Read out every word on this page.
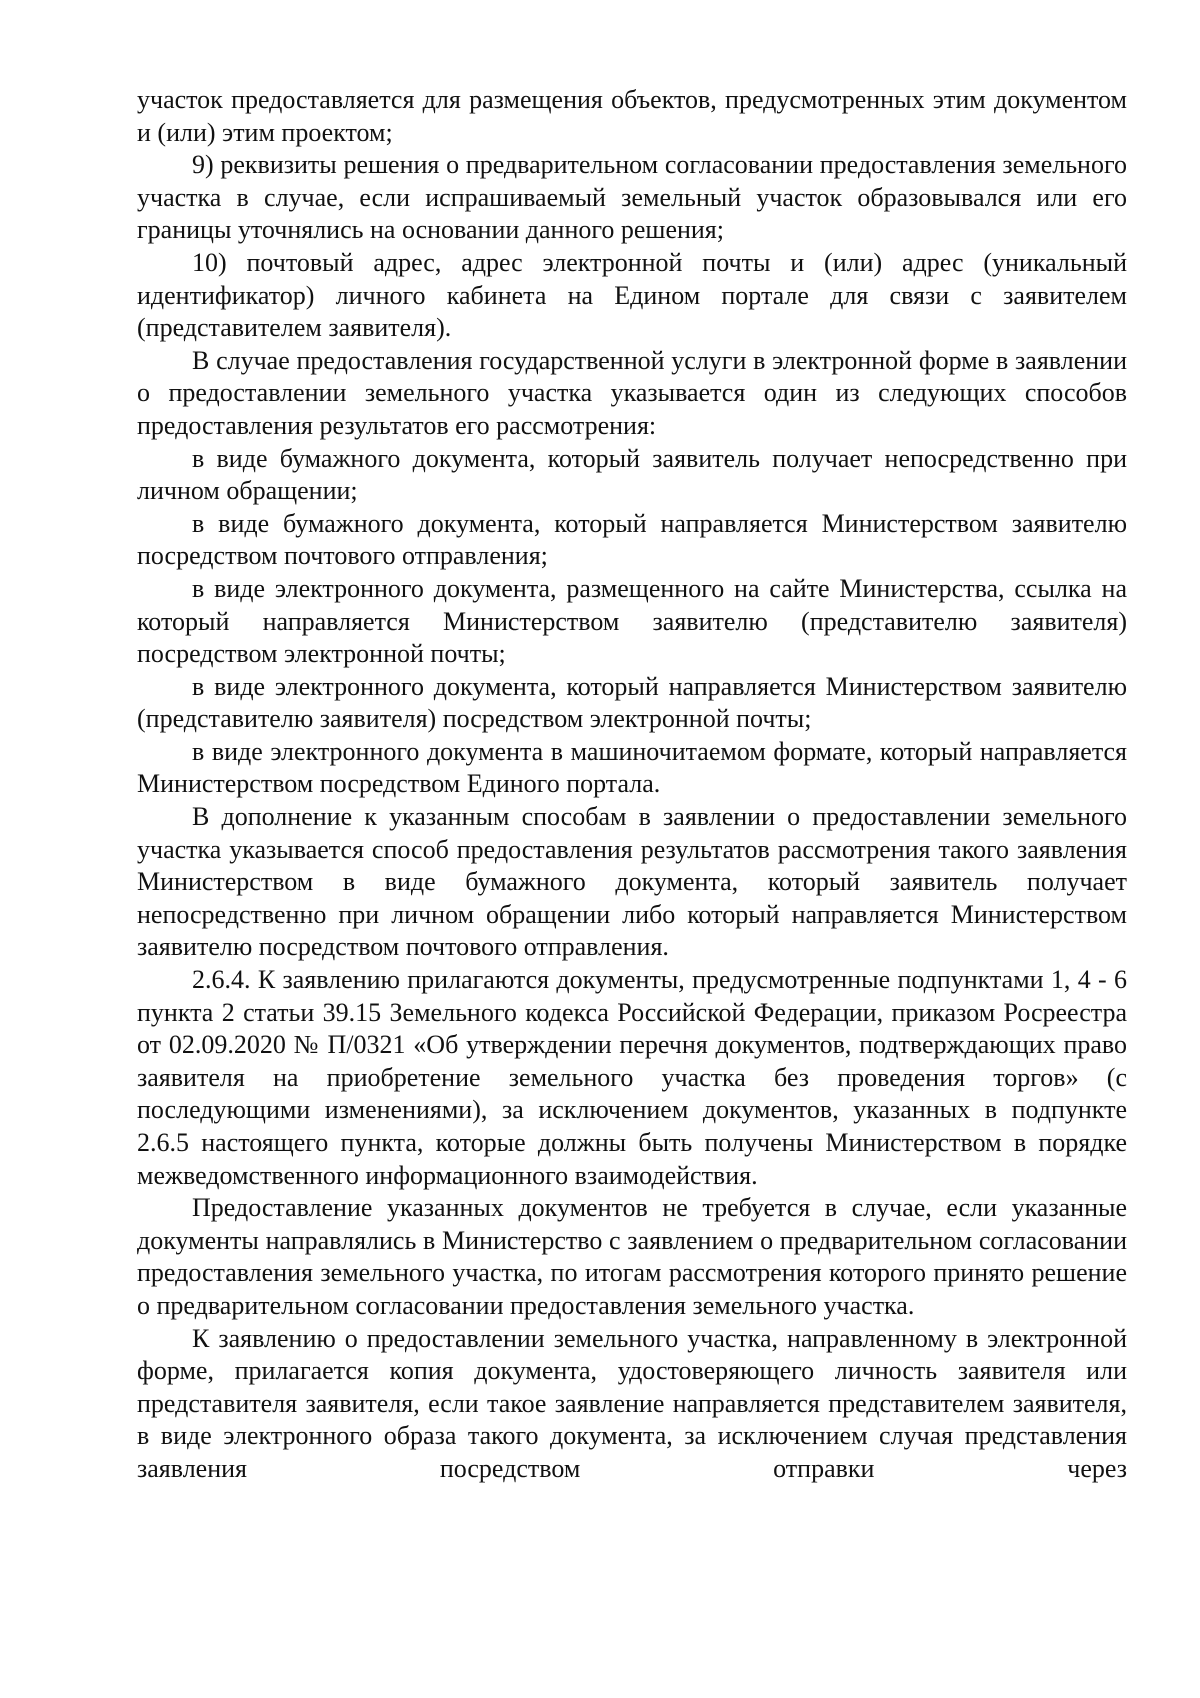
участок предоставляется для размещения объектов, предусмотренных этим документом и (или) этим проектом;

9) реквизиты решения о предварительном согласовании предоставления земельного участка в случае, если испрашиваемый земельный участок образовывался или его границы уточнялись на основании данного решения;

10) почтовый адрес, адрес электронной почты и (или) адрес (уникальный идентификатор) личного кабинета на Едином портале для связи с заявителем (представителем заявителя).

В случае предоставления государственной услуги в электронной форме в заявлении о предоставлении земельного участка указывается один из следующих способов предоставления результатов его рассмотрения:

в виде бумажного документа, который заявитель получает непосредственно при личном обращении;

в виде бумажного документа, который направляется Министерством заявителю посредством почтового отправления;

в виде электронного документа, размещенного на сайте Министерства, ссылка на который направляется Министерством заявителю (представителю заявителя) посредством электронной почты;

в виде электронного документа, который направляется Министерством заявителю (представителю заявителя) посредством электронной почты;

в виде электронного документа в машиночитаемом формате, который направляется Министерством посредством Единого портала.

В дополнение к указанным способам в заявлении о предоставлении земельного участка указывается способ предоставления результатов рассмотрения такого заявления Министерством в виде бумажного документа, который заявитель получает непосредственно при личном обращении либо который направляется Министерством заявителю посредством почтового отправления.

2.6.4. К заявлению прилагаются документы, предусмотренные подпунктами 1, 4 - 6 пункта 2 статьи 39.15 Земельного кодекса Российской Федерации, приказом Росреестра от 02.09.2020 № П/0321 «Об утверждении перечня документов, подтверждающих право заявителя на приобретение земельного участка без проведения торгов» (с последующими изменениями), за исключением документов, указанных в подпункте 2.6.5 настоящего пункта, которые должны быть получены Министерством в порядке межведомственного информационного взаимодействия.

Предоставление указанных документов не требуется в случае, если указанные документы направлялись в Министерство с заявлением о предварительном согласовании предоставления земельного участка, по итогам рассмотрения которого принято решение о предварительном согласовании предоставления земельного участка.

К заявлению о предоставлении земельного участка, направленному в электронной форме, прилагается копия документа, удостоверяющего личность заявителя или представителя заявителя, если такое заявление направляется представителем заявителя, в виде электронного образа такого документа, за исключением случая представления заявления посредством отправки через
